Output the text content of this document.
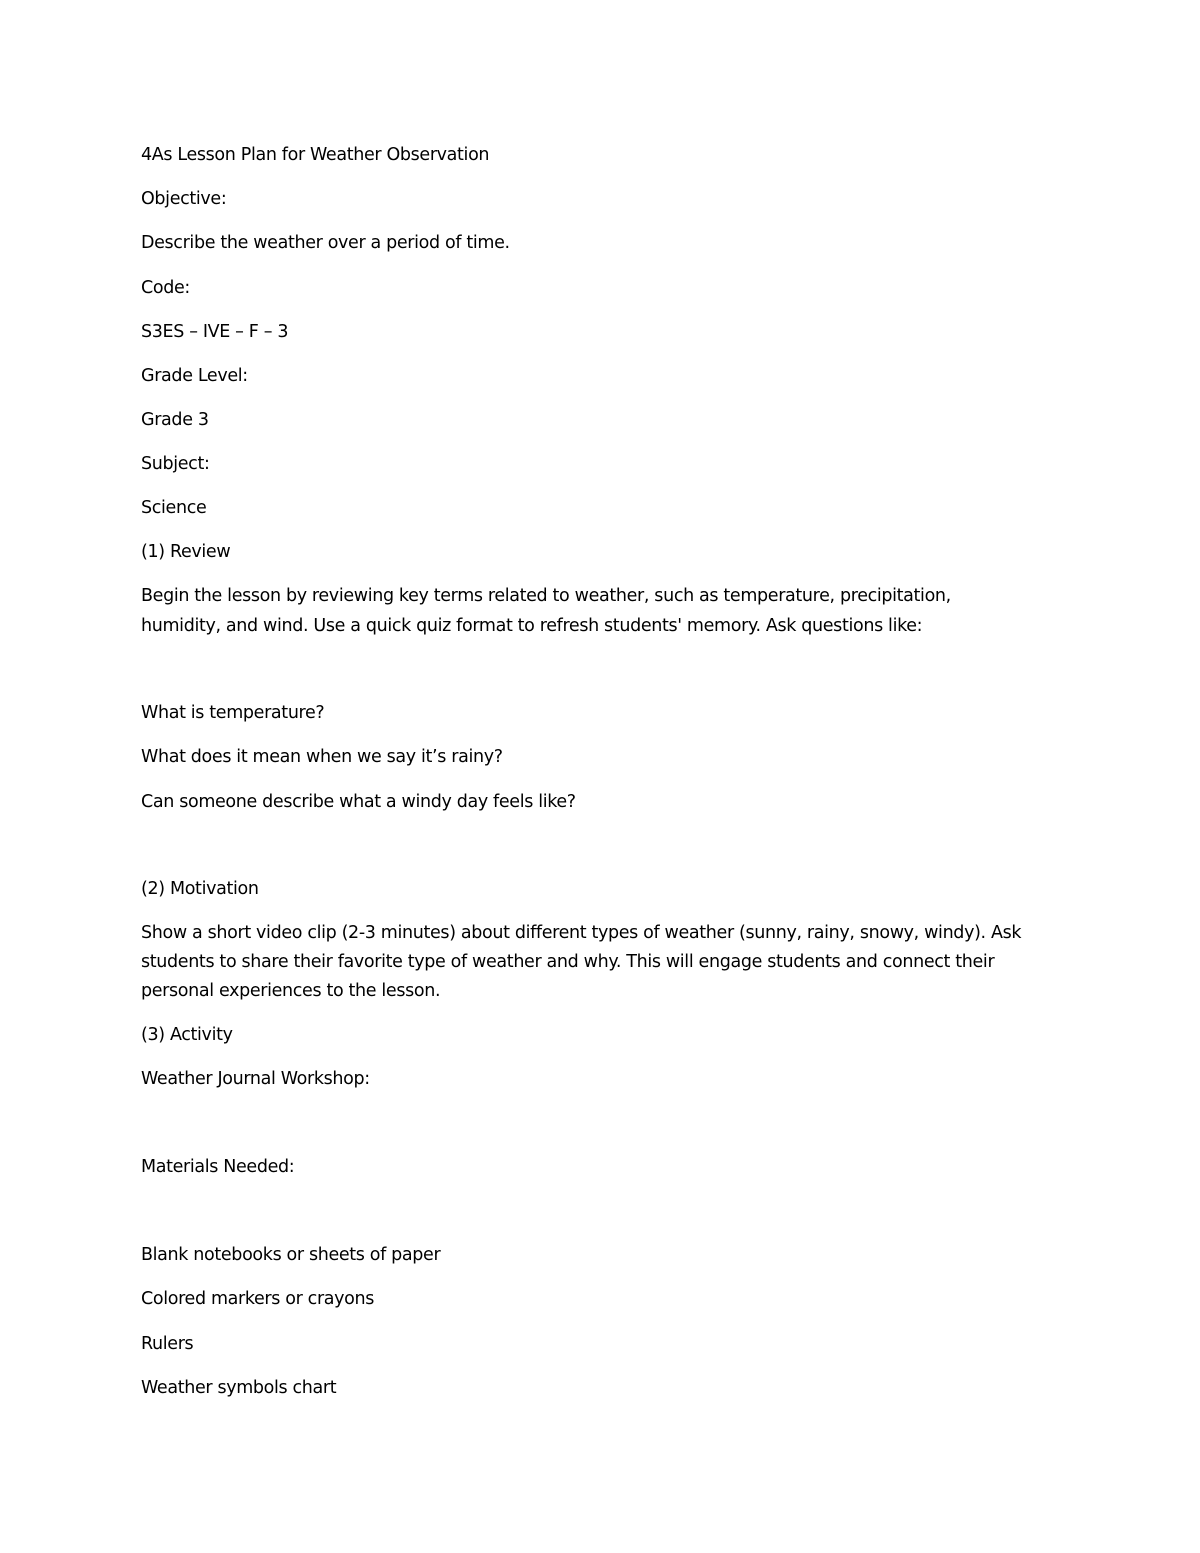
4As Lesson Plan for Weather Observation

Objective:

Describe the weather over a period of time.

Code:

S3ES – IVE – F – 3

Grade Level:

Grade 3

Subject:

Science

(1) Review

Begin the lesson by reviewing key terms related to weather, such as temperature, precipitation,

humidity, and wind. Use a quick quiz format to refresh students' memory. Ask questions like:

What is temperature?

What does it mean when we say it’s rainy?

Can someone describe what a windy day feels like?

(2) Motivation

Show a short video clip (2-3 minutes) about different types of weather (sunny, rainy, snowy, windy). Ask

students to share their favorite type of weather and why. This will engage students and connect their

personal experiences to the lesson.

(3) Activity

Weather Journal Workshop:

Materials Needed:

Blank notebooks or sheets of paper

Colored markers or crayons

Rulers

Weather symbols chart
